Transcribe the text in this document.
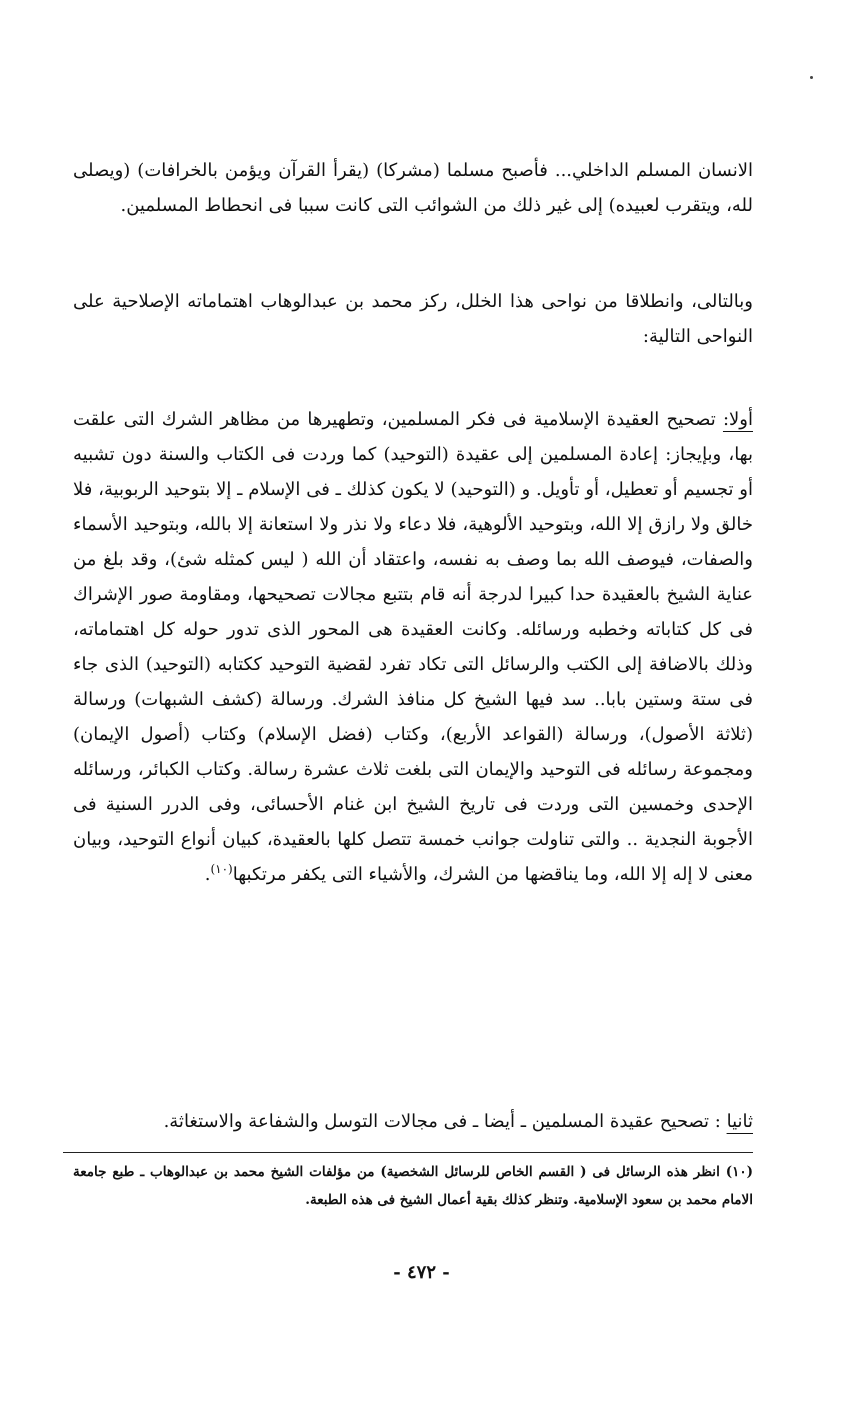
الانسان المسلم الداخلي... فأصبح مسلما (مشركا) (يقرأ القرآن ويؤمن بالخرافات) (ويصلى لله، ويتقرب لعبيده) إلى غير ذلك من الشوائب التى كانت سببا فى انحطاط المسلمين.

وبالتالى، وانطلاقا من نواحى هذا الخلل، ركز محمد بن عبدالوهاب اهتماماته الإصلاحية على النواحى التالية:

أولا: تصحيح العقيدة الإسلامية فى فكر المسلمين، وتطهيرها من مظاهر الشرك التى علقت بها، وبإيجاز: إعادة المسلمين إلى عقيدة (التوحيد) كما وردت فى الكتاب والسنة دون تشبيه أو تجسيم أو تعطيل، أو تأويل. و (التوحيد) لا يكون كذلك ـ فى الإسلام ـ إلا بتوحيد الربوبية، فلا خالق ولا رازق إلا الله، وبتوحيد الألوهية، فلا دعاء ولا نذر ولا استعانة إلا بالله، وبتوحيد الأسماء والصفات، فيوصف الله بما وصف به نفسه، واعتقاد أن الله ( ليس كمثله شئ)، وقد بلغ من عناية الشيخ بالعقيدة حدا كبيرا لدرجة أنه قام بتتبع مجالات تصحيحها، ومقاومة صور الإشراك فى كل كتاباته وخطبه ورسائله. وكانت العقيدة هى المحور الذى تدور حوله كل اهتماماته، وذلك بالاضافة إلى الكتب والرسائل التى تكاد تفرد لقضية التوحيد ككتابه (التوحيد) الذى جاء فى ستة وستين بابا.. سد فيها الشيخ كل منافذ الشرك. ورسالة (كشف الشبهات) ورسالة (ثلاثة الأصول)، ورسالة (القواعد الأربع)، وكتاب (فضل الإسلام) وكتاب (أصول الإيمان) ومجموعة رسائله فى التوحيد والإيمان التى بلغت ثلاث عشرة رسالة. وكتاب الكبائر، ورسائله الإحدى وخمسين التى وردت فى تاريخ الشيخ ابن غنام الأحسائى، وفى الدرر السنية فى الأجوبة النجدية .. والتى تناولت جوانب خمسة تتصل كلها بالعقيدة، كبيان أنواع التوحيد، وبيان معنى لا إله إلا الله، وما يناقضها من الشرك، والأشياء التى يكفر مرتكبها$^{(١٠)}$.

ثانيا : تصحيح عقيدة المسلمين ـ أيضا ـ فى مجالات التوسل والشفاعة والاستغاثة.

(١٠) انظر هذه الرسائل فى ( القسم الخاص للرسائل الشخصية) من مؤلفات الشيخ محمد بن عبدالوهاب ـ طبع جامعة الامام محمد بن سعود الإسلامية. وتنظر كذلك بقية أعمال الشيخ فى هذه الطبعة.

- ٤٧٢ -
